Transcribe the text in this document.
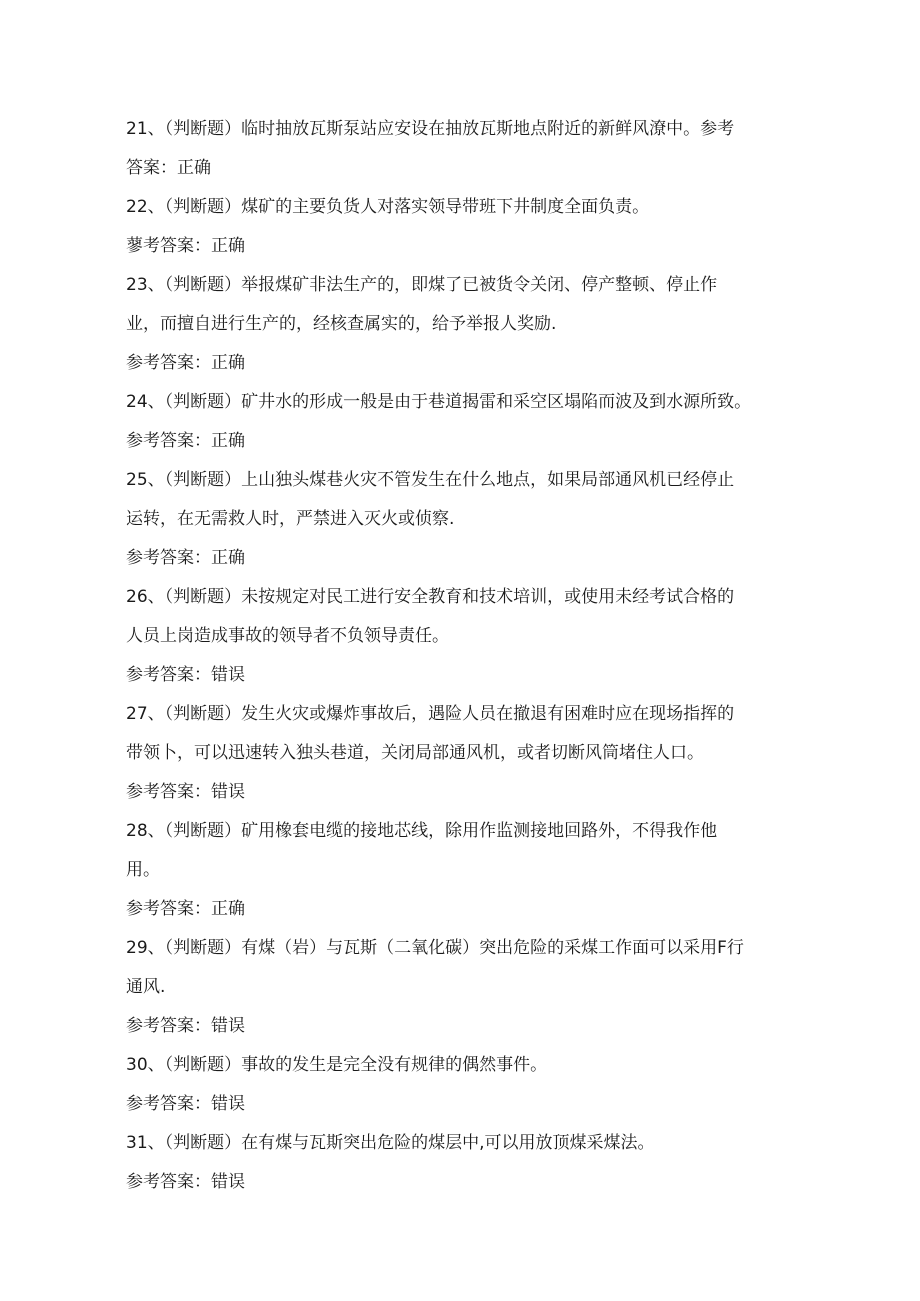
21、（判断题）临时抽放瓦斯泵站应安设在抽放瓦斯地点附近的新鲜风潦中。参考
答案：正确
22、（判断题）煤矿的主要负货人对落实领导带班下井制度全面负责。
蓼考答案：正确
23、（判断题）举报煤矿非法生产的，即煤了已被货令关闭、停产整顿、停止作
业，而擅自进行生产的，经核查属实的，给予举报人奖励.
参考答案：正确
24、（判断题）矿井水的形成一般是由于巷道揭雷和采空区塌陷而波及到水源所致。
参考答案：正确
25、（判断题）上山独头煤巷火灾不管发生在什么地点，如果局部通风机已经停止
运转，在无需救人时，严禁进入灭火或侦察.
参考答案：正确
26、（判断题）未按规定对民工进行安全教育和技术培训，或使用未经考试合格的
人员上岗造成事故的领导者不负领导责任。
参考答案：错误
27、（判断题）发生火灾或爆炸事故后，遇险人员在撤退有困难时应在现场指挥的
带领卜，可以迅速转入独头巷道，关闭局部通风机，或者切断风筒堵住人口。
参考答案：错误
28、（判断题）矿用橡套电缆的接地芯线，除用作监测接地回路外，不得我作他
用。
参考答案：正确
29、（判断题）有煤（岩）与瓦斯（二氧化碳）突出危险的采煤工作面可以采用F行
通风.
参考答案：错误
30、（判断题）事故的发生是完全没有规律的偶然事件。
参考答案：错误
31、（判断题）在有煤与瓦斯突出危险的煤层中,可以用放顶煤采煤法。
参考答案：错误
